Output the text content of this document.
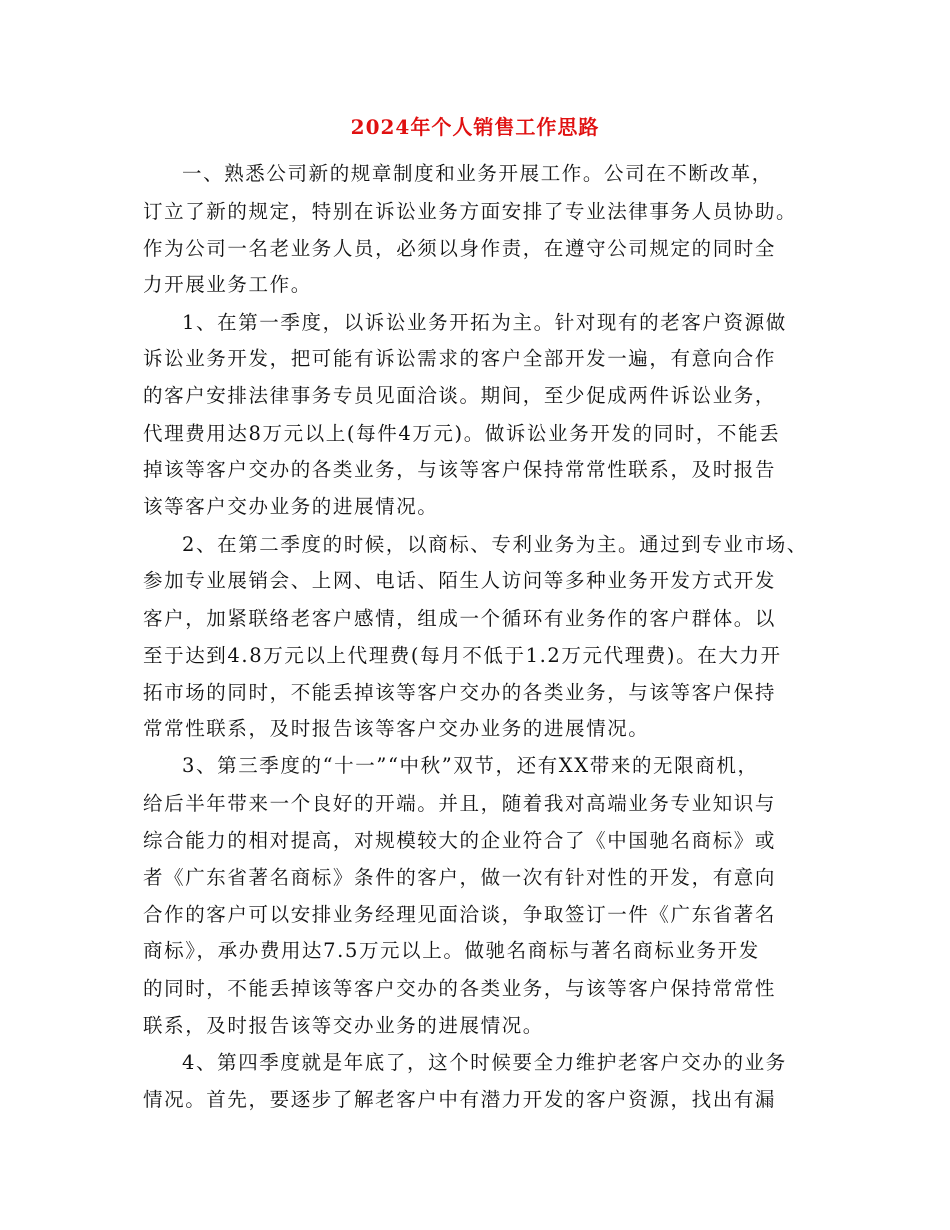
2024年个人销售工作思路

一、熟悉公司新的规章制度和业务开展工作。公司在不断改革，

订立了新的规定，特别在诉讼业务方面安排了专业法律事务人员协助。

作为公司一名老业务人员，必须以身作责，在遵守公司规定的同时全

力开展业务工作。

1、在第一季度，以诉讼业务开拓为主。针对现有的老客户资源做

诉讼业务开发，把可能有诉讼需求的客户全部开发一遍，有意向合作

的客户安排法律事务专员见面洽谈。期间，至少促成两件诉讼业务，

代理费用达8万元以上(每件4万元)。做诉讼业务开发的同时，不能丢

掉该等客户交办的各类业务，与该等客户保持常常性联系，及时报告

该等客户交办业务的进展情况。

2、在第二季度的时候，以商标、专利业务为主。通过到专业市场、

参加专业展销会、上网、电话、陌生人访问等多种业务开发方式开发

客户，加紧联络老客户感情，组成一个循环有业务作的客户群体。以

至于达到4.8万元以上代理费(每月不低于1.2万元代理费)。在大力开

拓市场的同时，不能丢掉该等客户交办的各类业务，与该等客户保持

常常性联系，及时报告该等客户交办业务的进展情况。

3、第三季度的“十一”“中秋”双节，还有XX带来的无限商机，

给后半年带来一个良好的开端。并且，随着我对高端业务专业知识与

综合能力的相对提高，对规模较大的企业符合了《中国驰名商标》或

者《广东省著名商标》条件的客户，做一次有针对性的开发，有意向

合作的客户可以安排业务经理见面洽谈，争取签订一件《广东省著名

商标》，承办费用达7.5万元以上。做驰名商标与著名商标业务开发

的同时，不能丢掉该等客户交办的各类业务，与该等客户保持常常性

联系，及时报告该等交办业务的进展情况。

4、第四季度就是年底了，这个时候要全力维护老客户交办的业务

情况。首先，要逐步了解老客户中有潜力开发的客户资源，找出有漏
